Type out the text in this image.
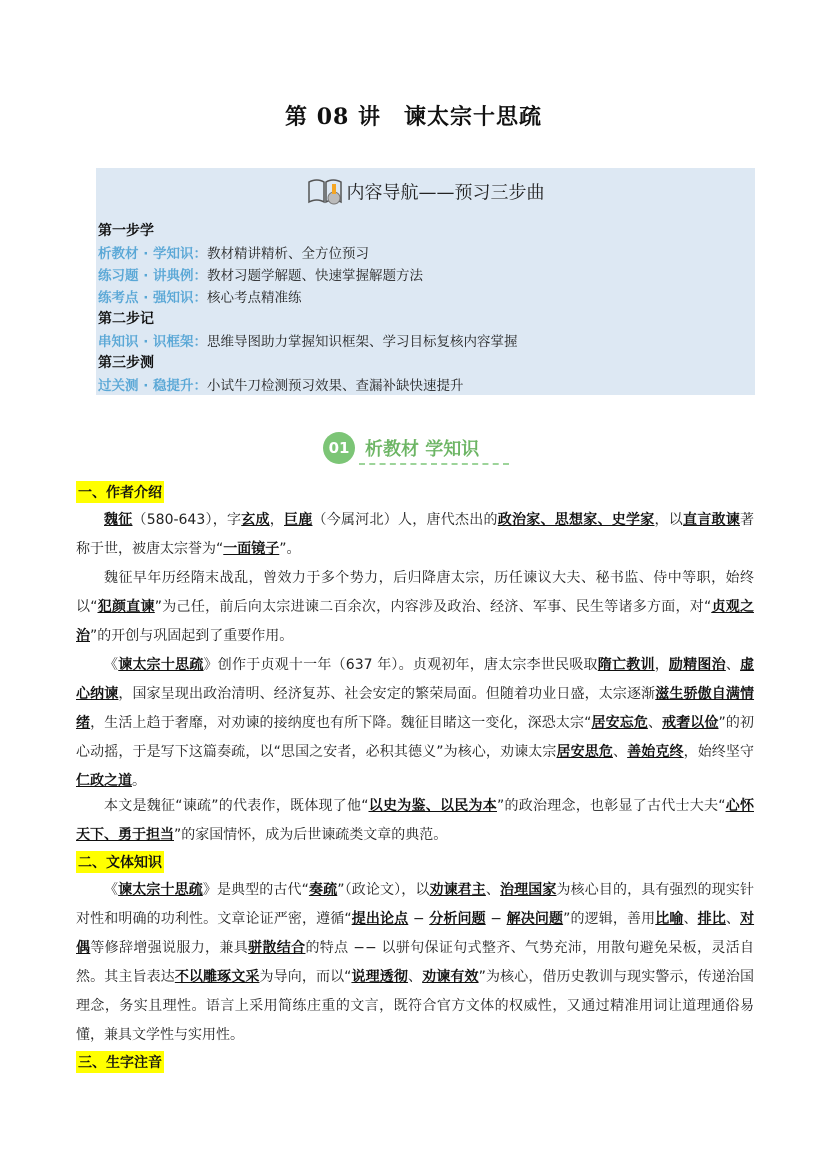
第 08 讲　谏太宗十思疏
内容导航——预习三步曲
第一步学
析教材 · 学知识：教材精讲精析、全方位预习
练习题 · 讲典例：教材习题学解题、快速掌握解题方法
练考点 · 强知识：核心考点精准练
第二步记
串知识 · 识框架：思维导图助力掌握知识框架、学习目标复核内容掌握
第三步测
过关测 · 稳提升：小试牛刀检测预习效果、查漏补缺快速提升
01 析教材 学知识
一、作者介绍
魏征（580-643），字玄成，巨鹿（今属河北）人，唐代杰出的政治家、思想家、史学家，以直言敢谏著称于世，被唐太宗誉为“一面镜子”。
魏征早年历经隋末战乱，曾效力于多个势力，后归降唐太宗，历任谏议大夫、秘书监、侍中等职，始终以“犯颜直谏”为己任，前后向太宗进谏二百余次，内容涉及政治、经济、军事、民生等诸多方面，对“贞观之治”的开创与巩固起到了重要作用。
《谏太宗十思疏》创作于贞观十一年（637 年）。贞观初年，唐太宗李世民吸取隋亡教训，励精图治、虚心纳谏，国家呈现出政治清明、经济复苏、社会安定的繁荣局面。但随着功业日盛，太宗逐渐滋生骄傲自满情绪，生活上趋于奢靡，对劝谏的接纳度也有所下降。魏征目睹这一变化，深恐太宗“居安忘危、戒奢以俭”的初心动摇，于是写下这篇奏疏，以“思国之安者，必积其德义”为核心，劝谏太宗居安思危、善始克终，始终坚守仁政之道。
本文是魏征“谏疏”的代表作，既体现了他“以史为鉴、以民为本”的政治理念，也彰显了古代士大夫“心怀天下、勇于担当”的家国情怀，成为后世谏疏类文章的典范。
二、文体知识
《谏太宗十思疏》是典型的古代“奏疏”（政论文），以劝谏君主、治理国家为核心目的，具有强烈的现实针对性和明确的功利性。文章论证严密，遵循“提出论点 − 分析问题 − 解决问题”的逻辑，善用比喻、排比、对偶等修辞增强说服力，兼具骈散结合的特点 −− 以骈句保证句式整齐、气势充沛，用散句避免呆板，灵活自然。其主旨表达不以雕琢文采为导向，而以“说理透彻、劝谏有效”为核心，借历史教训与现实警示，传递治国理念，务实且理性。语言上采用简练庄重的文言，既符合官方文体的权威性，又通过精准用词让道理通俗易懂，兼具文学性与实用性。
三、生字注音
